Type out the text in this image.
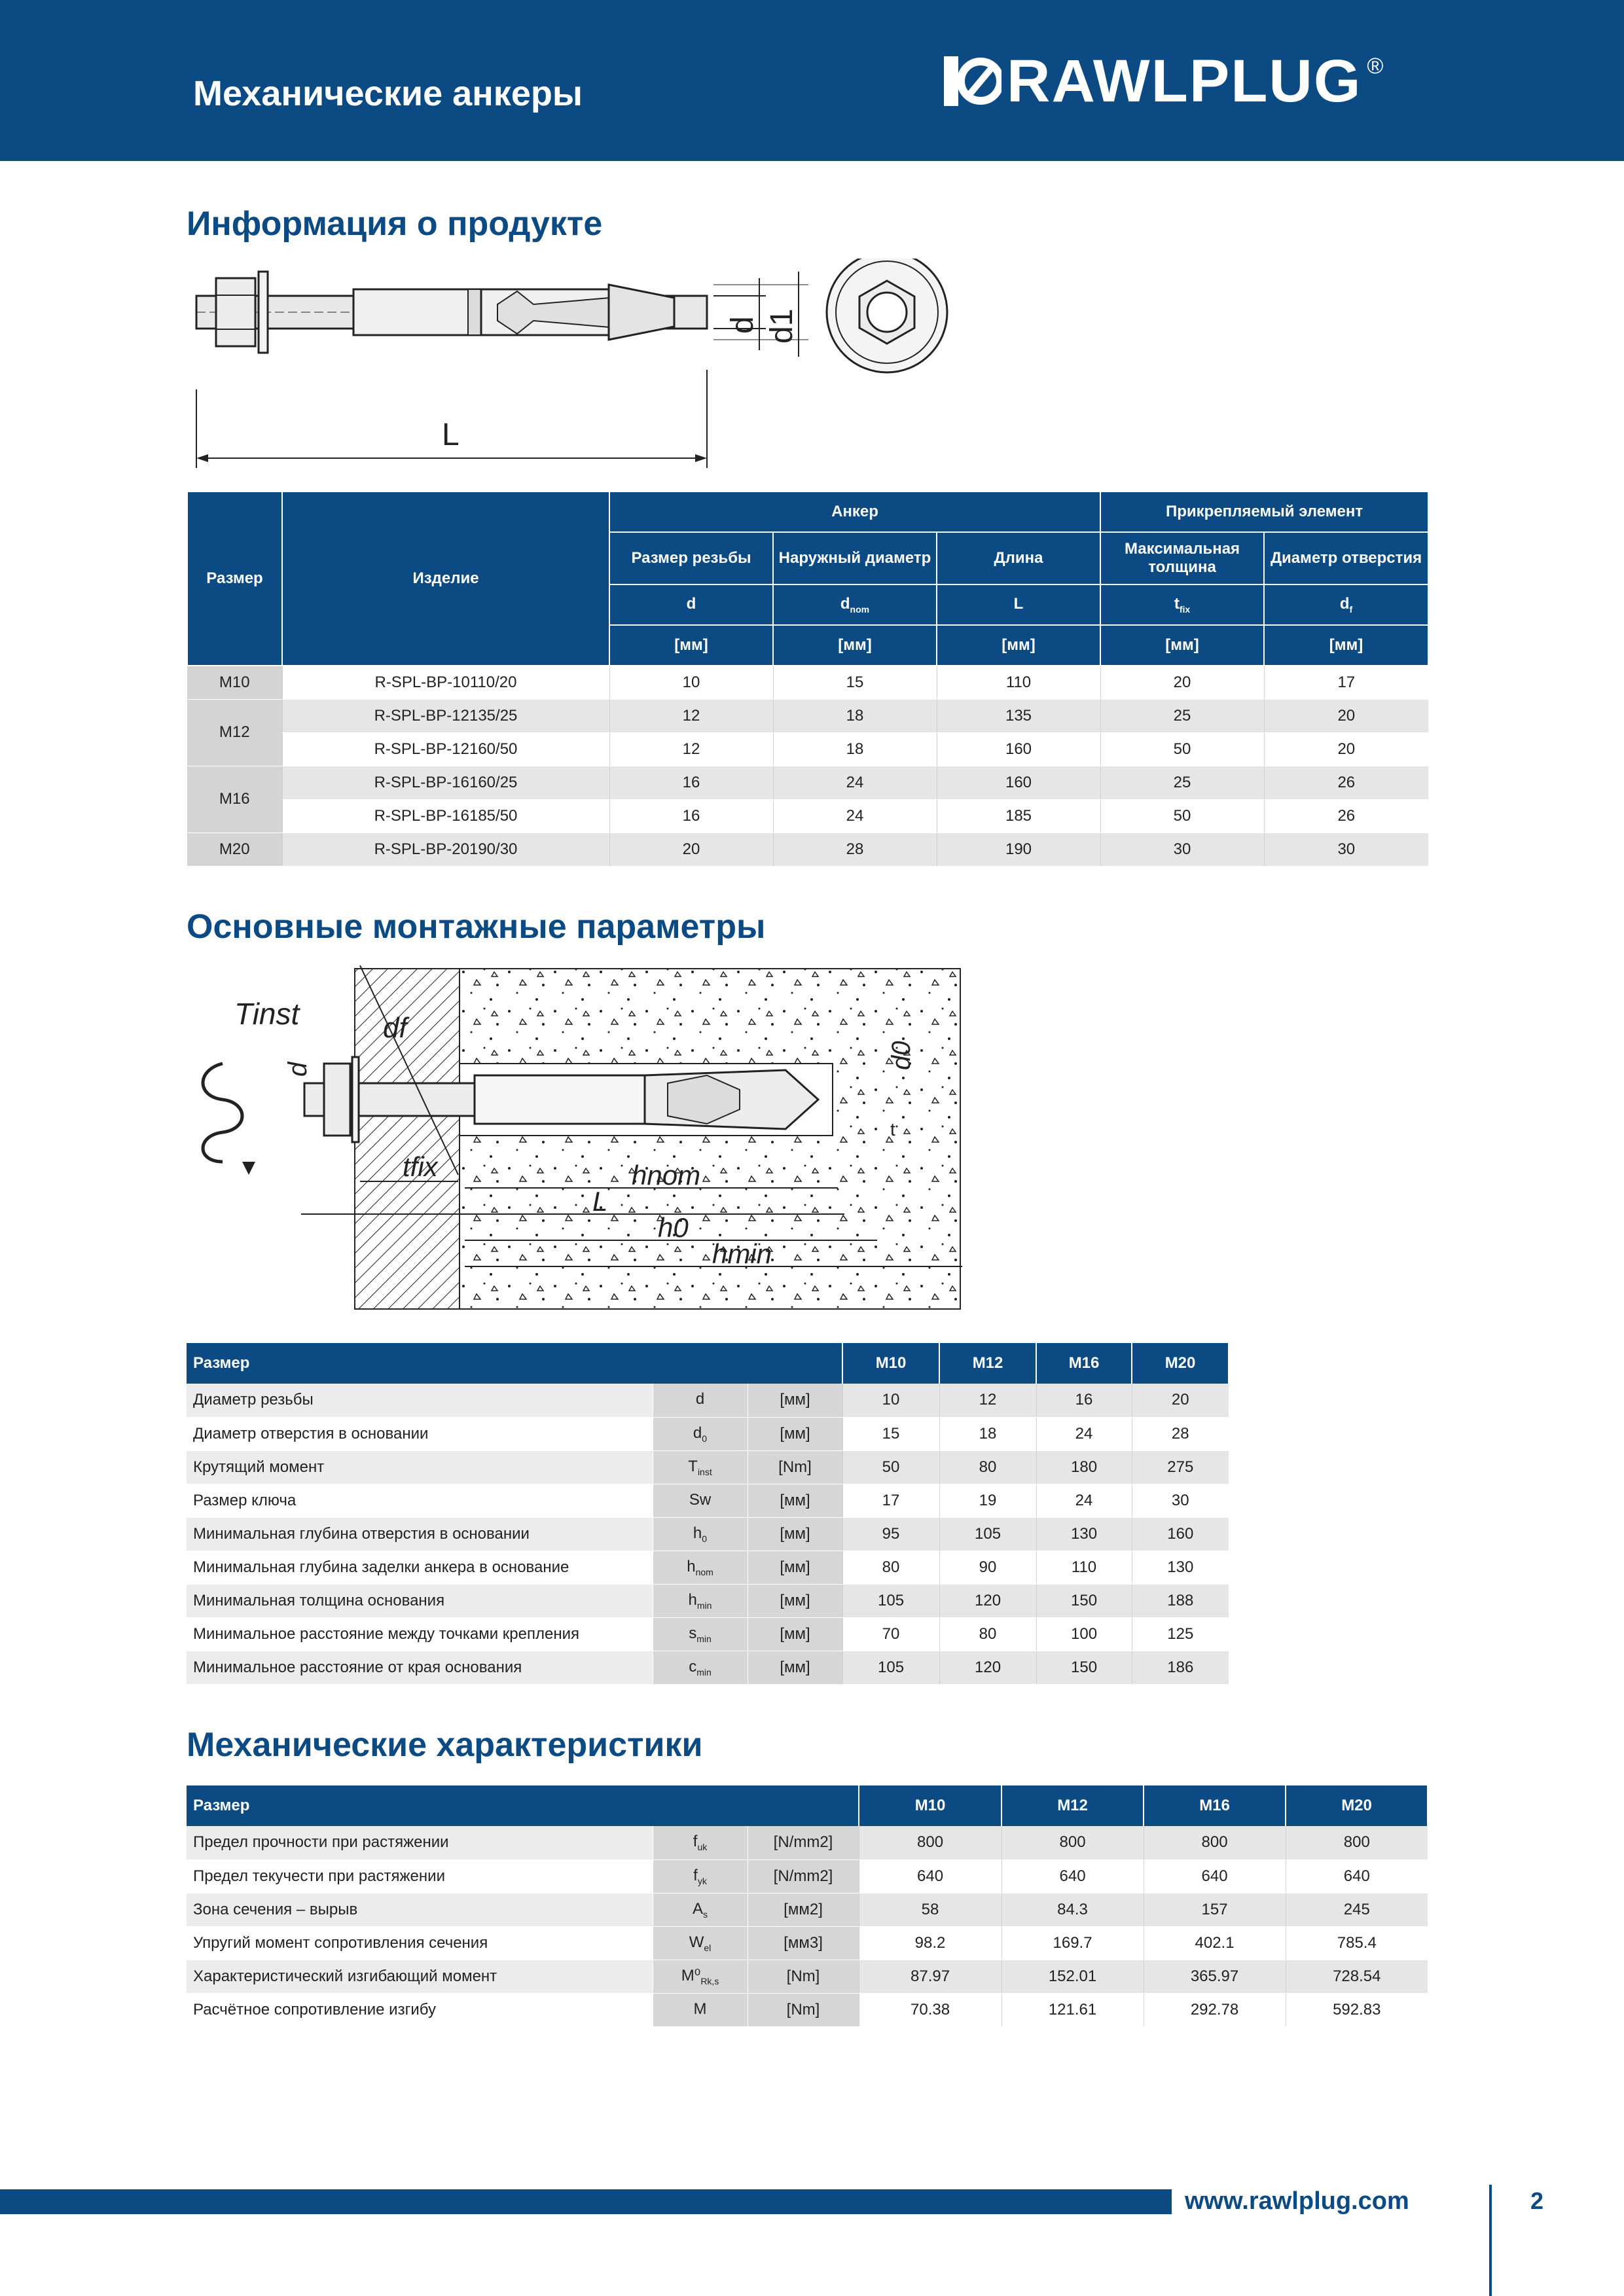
Механические анкеры	RAWLPLUG ®
Информация о продукте
L
d d1
Размер	Изделие	Анкер			Прикрепляемый элемент	
		Размер резьбы	Наружный диаметр	Длина	Максимальная толщина	Диаметр отверстия
		d	$d_{nom}$	L	$t_{fix}$	$d_f$
		[мм]	[мм]	[мм]	[мм]	[мм]
M10	R-SPL-BP-10110/20	10	15	110	20	17
M12	R-SPL-BP-12135/25	12	18	135	25	20
	R-SPL-BP-12160/50	12	18	160	50	20
M16	R-SPL-BP-16160/25	16	24	160	25	26
	R-SPL-BP-16185/50	16	24	185	50	26
M20	R-SPL-BP-20190/30	20	28	190	30	30
Основные монтажные параметры
Tinst
d
df
d0
t
tfix	hnom
L
h0
hmin
Размер			M10	M12	M16	M20
Диаметр резьбы	d	[мм]	10	12	16	20
Диаметр отверстия в основании	$d_0$	[мм]	15	18	24	28
Крутящий момент	$T_{inst}$	[Nm]	50	80	180	275
Размер ключа	Sw	[мм]	17	19	24	30
Минимальная глубина отверстия в основании	$h_0$	[мм]	95	105	130	160
Минимальная глубина заделки анкера в основание	$h_{nom}$	[мм]	80	90	110	130
Минимальная толщина основания	$h_{min}$	[мм]	105	120	150	188
Минимальное расстояние между точками крепления	$s_{min}$	[мм]	70	80	100	125
Минимальное расстояние от края основания	$c_{min}$	[мм]	105	120	150	186
Механические характеристики
Размер			M10	M12	M16	M20
Предел прочности при растяжении	$f_{uk}$	[N/mm2]	800	800	800	800
Предел текучести при растяжении	$f_{yk}$	[N/mm2]	640	640	640	640
Зона сечения – вырыв	$A_s$	[мм2]	58	84.3	157	245
Упругий момент сопротивления сечения	$W_{el}$	[мм3]	98.2	169.7	402.1	785.4
Характеристический изгибающий момент	$M^0_{Rk,s}$	[Nm]	87.97	152.01	365.97	728.54
Расчётное сопротивление изгибу	M	[Nm]	70.38	121.61	292.78	592.83
www.rawlplug.com	2
